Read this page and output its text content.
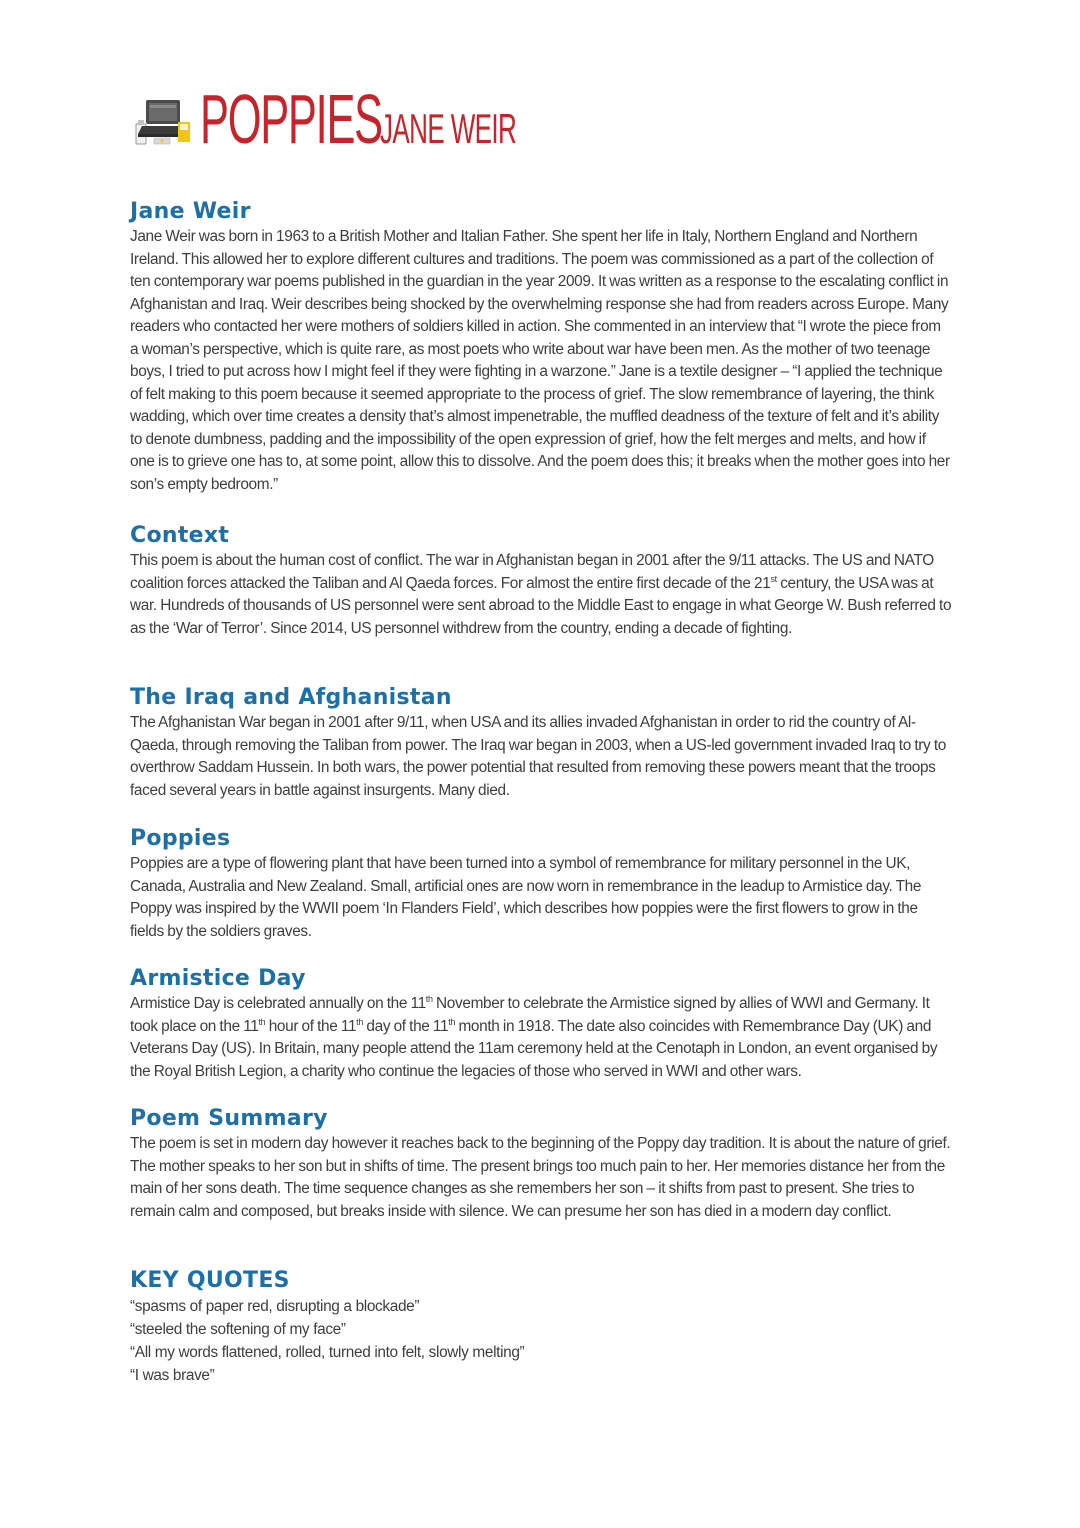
POPPIES
JANE WEIR
Jane Weir

Jane Weir was born in 1963 to a British Mother and Italian Father. She spent her life in Italy, Northern England and Northern Ireland. This allowed her to explore different cultures and traditions. The poem was commissioned as a part of the collection of ten contemporary war poems published in the guardian in the year 2009. It was written as a response to the escalating conflict in Afghanistan and Iraq. Weir describes being shocked by the overwhelming response she had from readers across Europe. Many readers who contacted her were mothers of soldiers killed in action. She commented in an interview that “I wrote the piece from a woman’s perspective, which is quite rare, as most poets who write about war have been men. As the mother of two teenage boys, I tried to put across how I might feel if they were fighting in a warzone.” Jane is a textile designer – “I applied the technique of felt making to this poem because it seemed appropriate to the process of grief. The slow remembrance of layering, the think wadding, which over time creates a density that’s almost impenetrable, the muffled deadness of the texture of felt and it’s ability to denote dumbness, padding and the impossibility of the open expression of grief, how the felt merges and melts, and how if one is to grieve one has to, at some point, allow this to dissolve. And the poem does this; it breaks when the mother goes into her son’s empty bedroom.”

Context

This poem is about the human cost of conflict. The war in Afghanistan began in 2001 after the 9/11 attacks. The US and NATO coalition forces attacked the Taliban and Al Qaeda forces. For almost the entire first decade of the 21st century, the USA was at war. Hundreds of thousands of US personnel were sent abroad to the Middle East to engage in what George W. Bush referred to as the ‘War of Terror’. Since 2014, US personnel withdrew from the country, ending a decade of fighting.

The Iraq and Afghanistan

The Afghanistan War began in 2001 after 9/11, when USA and its allies invaded Afghanistan in order to rid the country of Al-Qaeda, through removing the Taliban from power. The Iraq war began in 2003, when a US-led government invaded Iraq to try to overthrow Saddam Hussein. In both wars, the power potential that resulted from removing these powers meant that the troops faced several years in battle against insurgents. Many died.

Poppies

Poppies are a type of flowering plant that have been turned into a symbol of remembrance for military personnel in the UK, Canada, Australia and New Zealand. Small, artificial ones are now worn in remembrance in the leadup to Armistice day. The Poppy was inspired by the WWII poem ‘In Flanders Field’, which describes how poppies were the first flowers to grow in the fields by the soldiers graves.

Armistice Day

Armistice Day is celebrated annually on the 11th November to celebrate the Armistice signed by allies of WWI and Germany. It took place on the 11th hour of the 11th day of the 11th month in 1918. The date also coincides with Remembrance Day (UK) and Veterans Day (US). In Britain, many people attend the 11am ceremony held at the Cenotaph in London, an event organised by the Royal British Legion, a charity who continue the legacies of those who served in WWI and other wars.

Poem Summary

The poem is set in modern day however it reaches back to the beginning of the Poppy day tradition. It is about the nature of grief. The mother speaks to her son but in shifts of time. The present brings too much pain to her. Her memories distance her from the main of her sons death. The time sequence changes as she remembers her son – it shifts from past to present. She tries to remain calm and composed, but breaks inside with silence. We can presume her son has died in a modern day conflict.

KEY QUOTES
“spasms of paper red, disrupting a blockade”
“steeled the softening of my face”
“All my words flattened, rolled, turned into felt, slowly melting”
“I was brave”
